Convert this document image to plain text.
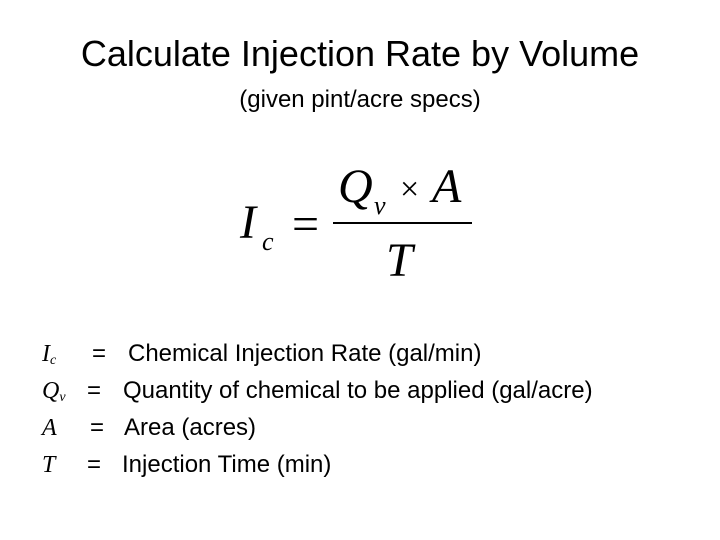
Calculate Injection Rate by Volume
(given pint/acre specs)
I c =
Q v × A
T
$I_c$ = Chemical Injection Rate (gal/min)
$Q_v$ = Quantity of chemical to be applied (gal/acre)
A = Area (acres)
T = Injection Time (min)
